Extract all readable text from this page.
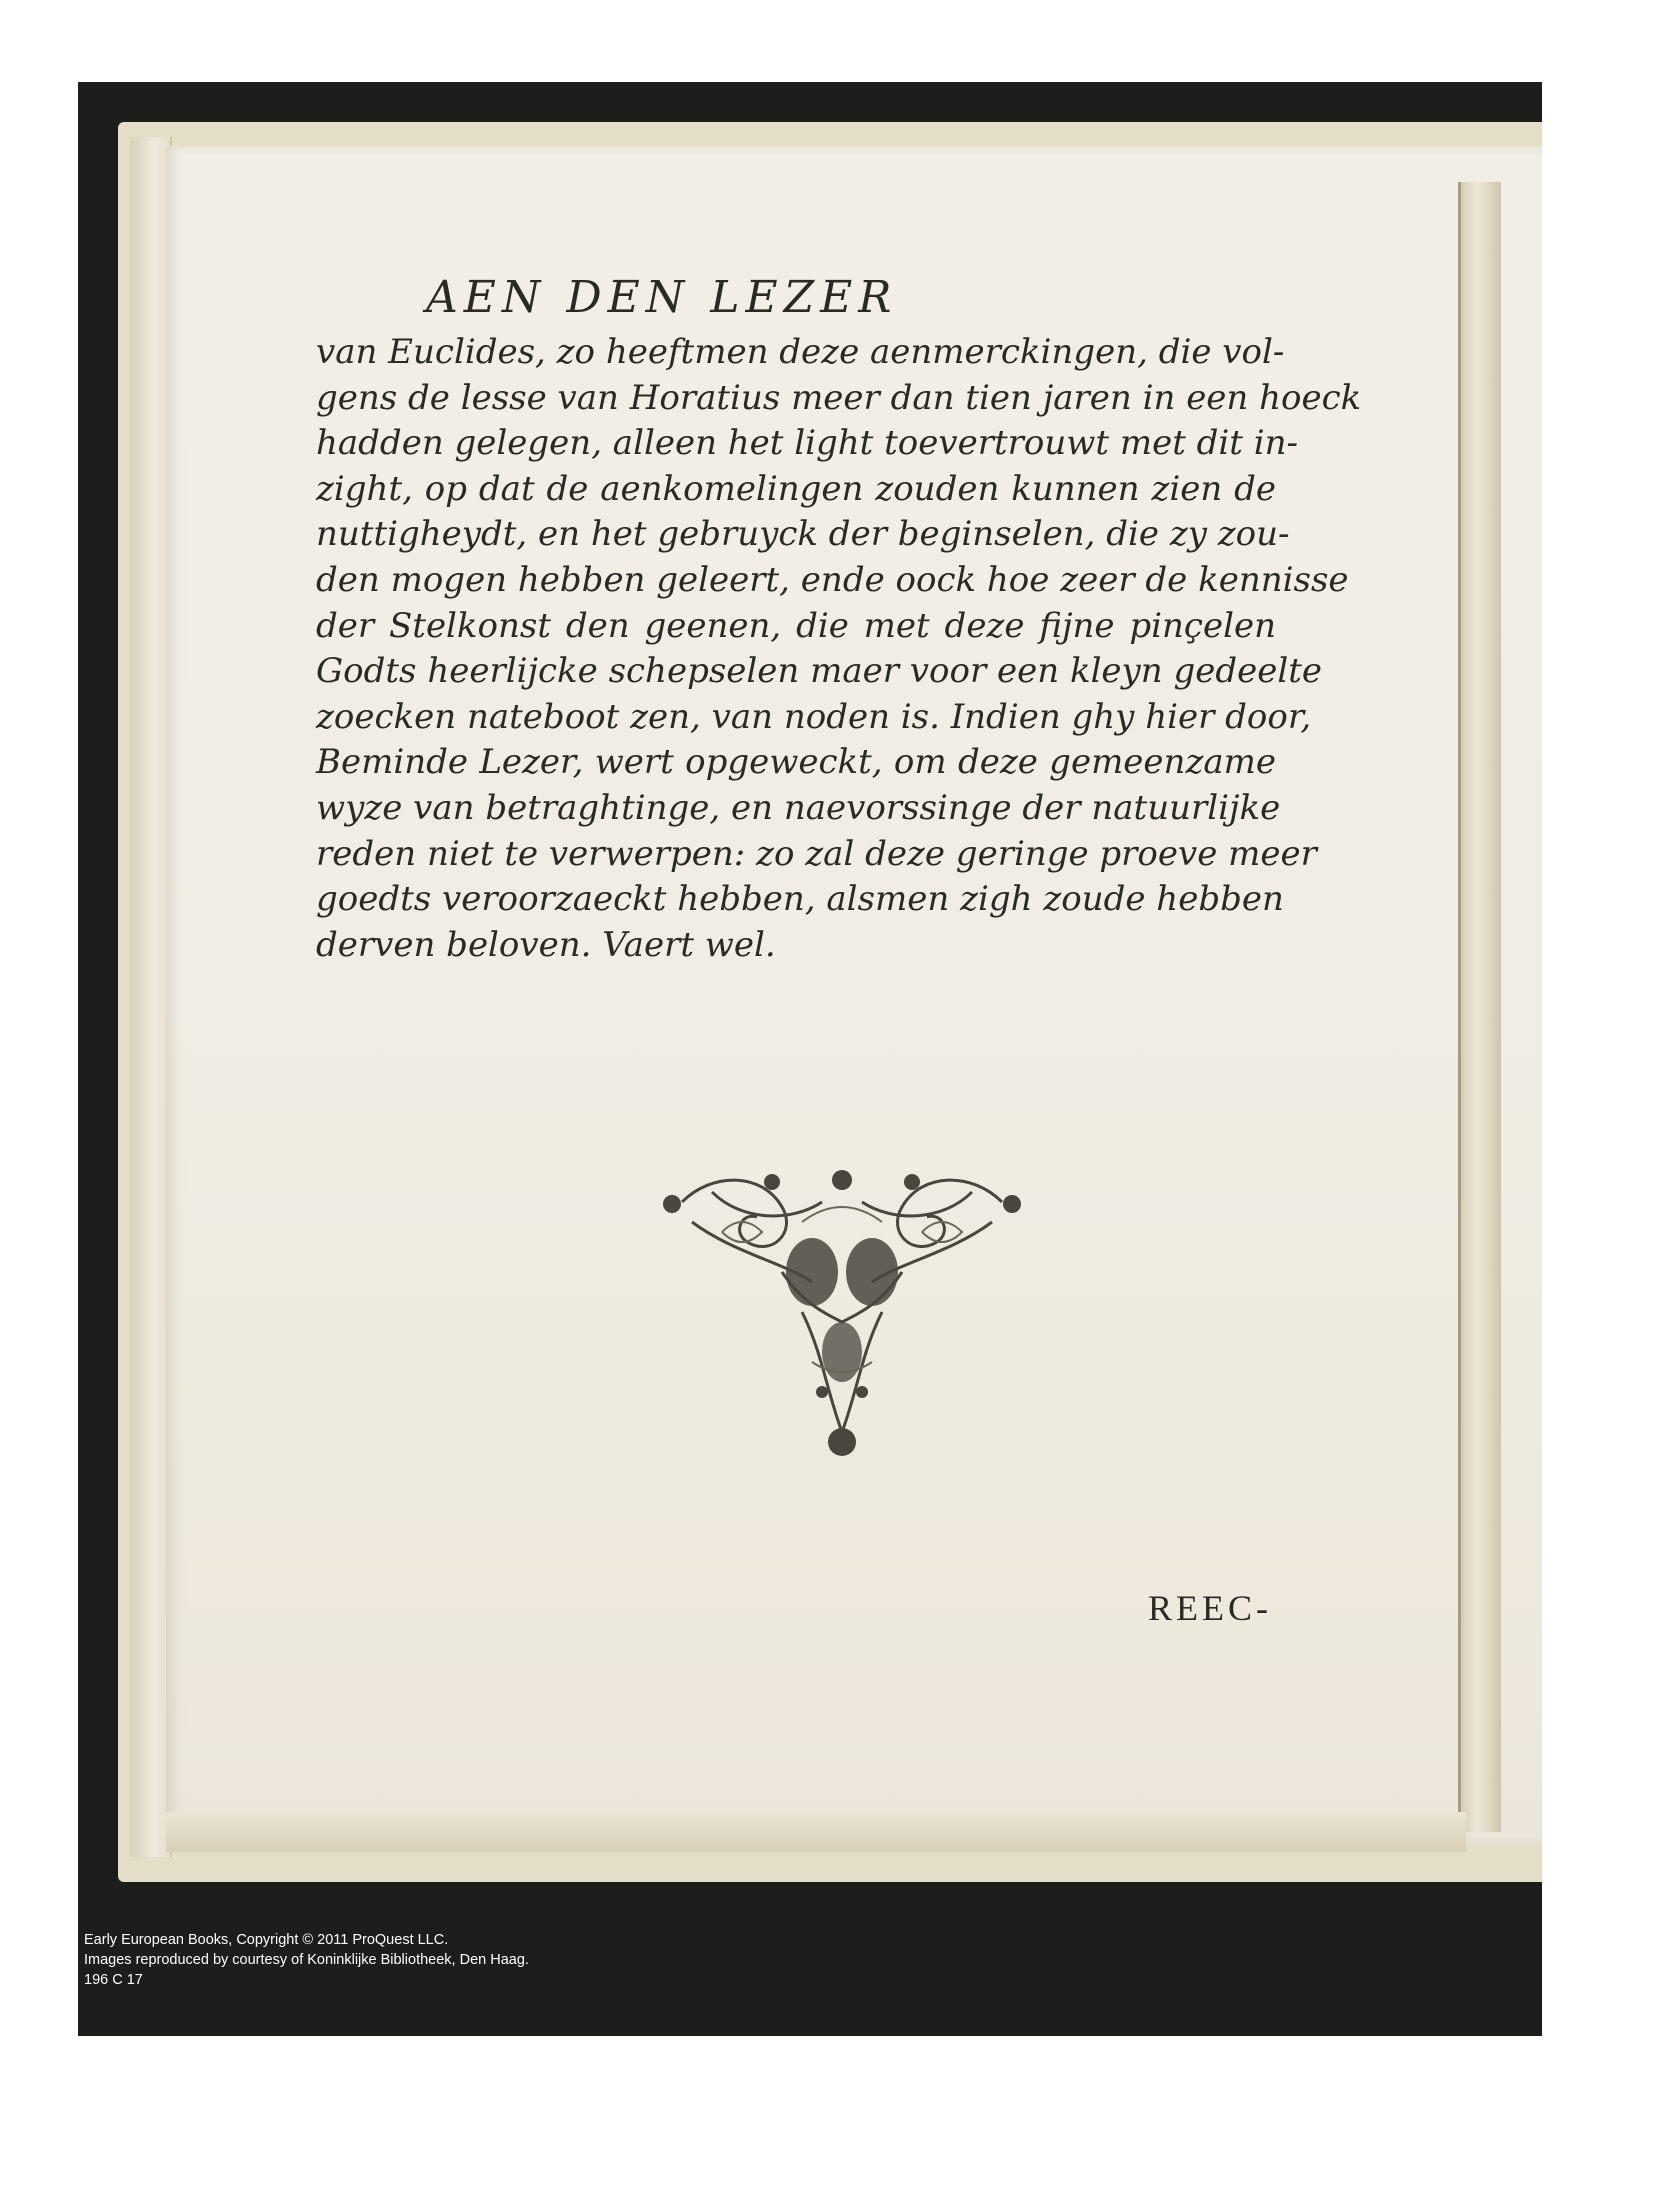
AEN DEN LEZER
van Euclides, zo heeftmen deze aenmerckingen, die vol-
gens de lesse van Horatius meer dan tien jaren in een hoeck
hadden gelegen, alleen het light toevertrouwt met dit in-
zight, op dat de aenkomelingen zouden kunnen zien de
nuttigheydt, en het gebruyck der beginselen, die zy zou-
den mogen hebben geleert, ende oock hoe zeer de kennisse
der Stelkonst den geenen, die met deze fijne pinçelen
Godts heerlijcke schepselen maer voor een kleyn gedeelte
zoecken nateboot zen, van noden is. Indien ghy hier door,
Beminde Lezer, wert opgeweckt, om deze gemeenzame
wyze van betraghtinge, en naevorssinge der natuurlijke
reden niet te verwerpen: zo zal deze geringe proeve meer
goedts veroorzaeckt hebben, alsmen zigh zoude hebben
derven beloven. Vaert wel.
REEC-
Early European Books, Copyright © 2011 ProQuest LLC.
Images reproduced by courtesy of Koninklijke Bibliotheek, Den Haag.
196 C 17
